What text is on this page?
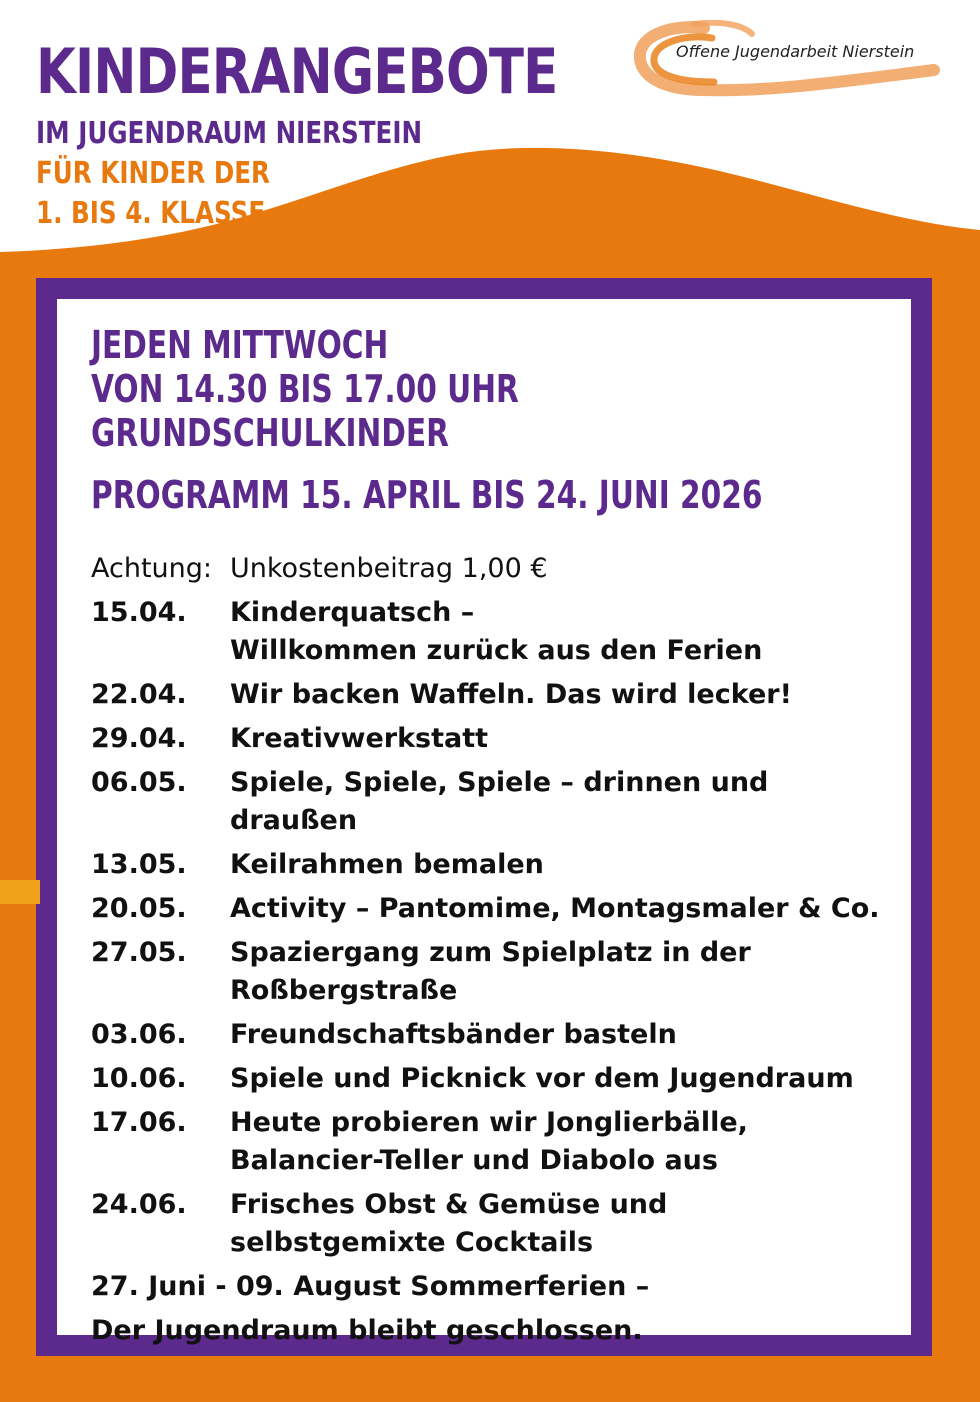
KINDERANGEBOTE
IM JUGENDRAUM NIERSTEIN
FÜR KINDER DER
1. BIS 4. KLASSE
Offene Jugendarbeit Nierstein
JEDEN MITTWOCH
VON 14.30 BIS 17.00 UHR
GRUNDSCHULKINDER
PROGRAMM 15. APRIL BIS 24. JUNI 2026
Achtung: Unkostenbeitrag 1,00 €
15.04.	Kinderquatsch –
Willkommen zurück aus den Ferien
22.04.	Wir backen Waffeln. Das wird lecker!
29.04.	Kreativwerkstatt
06.05.	Spiele, Spiele, Spiele – drinnen und draußen
13.05.	Keilrahmen bemalen
20.05.	Activity – Pantomime, Montagsmaler & Co.
27.05.	Spaziergang zum Spielplatz in der
Roßbergstraße
03.06.	Freundschaftsbänder basteln
10.06.	Spiele und Picknick vor dem Jugendraum
17.06.	Heute probieren wir Jonglierbälle,
Balancier-Teller und Diabolo aus
24.06.	Frisches Obst & Gemüse und
selbstgemixte Cocktails
27. Juni - 09. August Sommerferien –
Der Jugendraum bleibt geschlossen.
